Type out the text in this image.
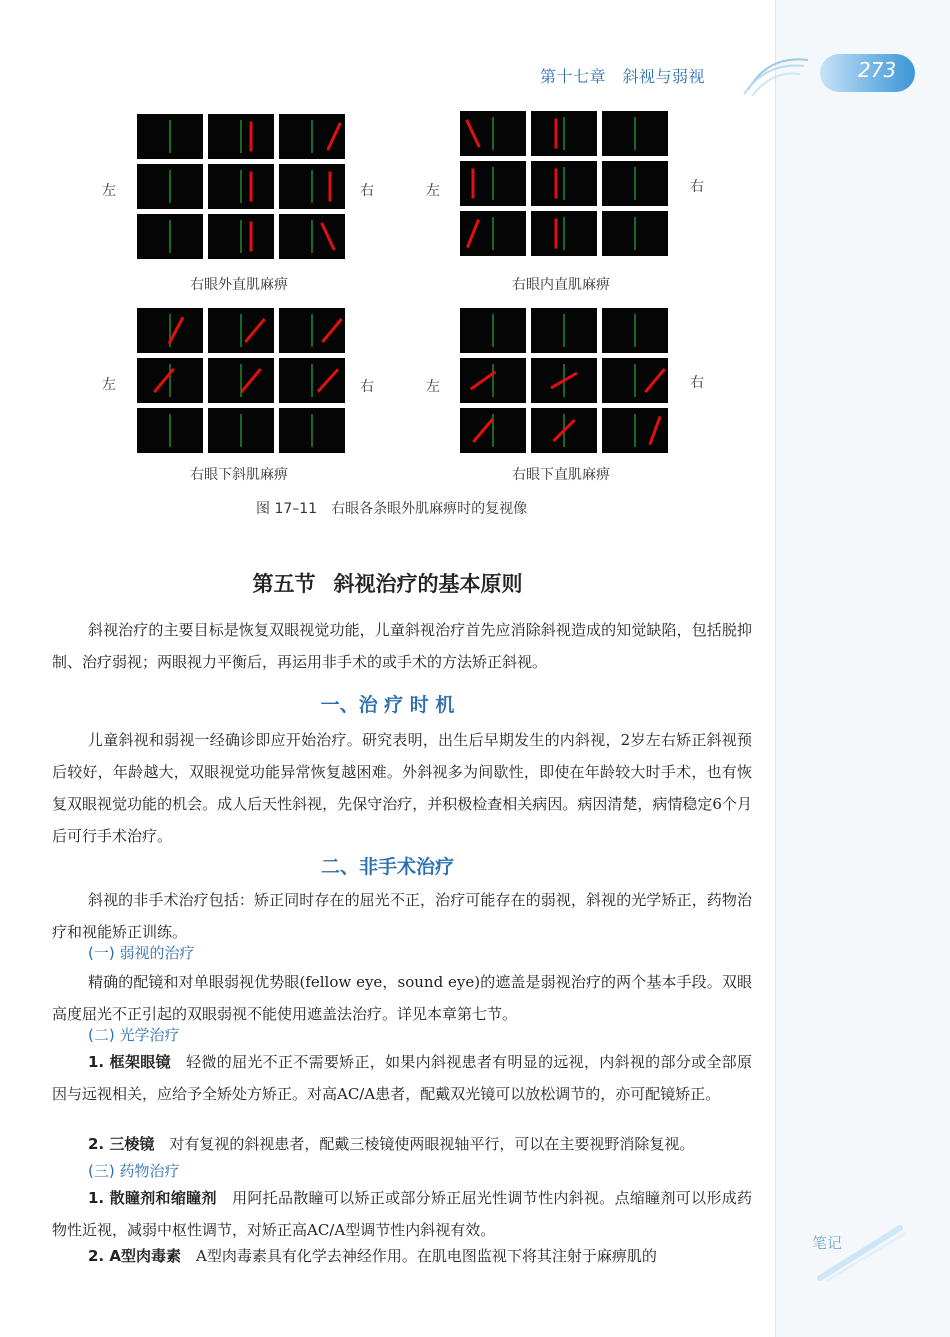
第十七章　斜视与弱视	273
左	右	左	右
左	右	左	右
右眼外直肌麻痹	右眼内直肌麻痹
右眼下斜肌麻痹	右眼下直肌麻痹
图 17–11　右眼各条眼外肌麻痹时的复视像
第五节 斜视治疗的基本原则

斜视治疗的主要目标是恢复双眼视觉功能，儿童斜视治疗首先应消除斜视造成的知觉缺陷，包括脱抑制、治疗弱视；两眼视力平衡后，再运用非手术的或手术的方法矫正斜视。

一、治 疗 时 机

儿童斜视和弱视一经确诊即应开始治疗。研究表明，出生后早期发生的内斜视，2岁左右矫正斜视预后较好，年龄越大，双眼视觉功能异常恢复越困难。外斜视多为间歇性，即使在年龄较大时手术，也有恢复双眼视觉功能的机会。成人后天性斜视，先保守治疗，并积极检查相关病因。病因清楚，病情稳定6个月后可行手术治疗。

二、非手术治疗

斜视的非手术治疗包括：矫正同时存在的屈光不正，治疗可能存在的弱视，斜视的光学矫正，药物治疗和视能矫正训练。

(一) 弱视的治疗

精确的配镜和对单眼弱视优势眼(fellow eye，sound eye)的遮盖是弱视治疗的两个基本手段。双眼高度屈光不正引起的双眼弱视不能使用遮盖法治疗。详见本章第七节。

(二) 光学治疗

1. 框架眼镜　 轻微的屈光不正不需要矫正，如果内斜视患者有明显的远视，内斜视的部分或全部原因与远视相关，应给予全矫处方矫正。对高AC/A患者，配戴双光镜可以放松调节的，亦可配镜矫正。

2. 三棱镜　 对有复视的斜视患者，配戴三棱镜使两眼视轴平行，可以在主要视野消除复视。

(三) 药物治疗

1. 散瞳剂和缩瞳剂　 用阿托品散瞳可以矫正或部分矫正屈光性调节性内斜视。点缩瞳剂可以形成药物性近视，减弱中枢性调节，对矫正高AC/A型调节性内斜视有效。

2. A型肉毒素　 A型肉毒素具有化学去神经作用。在肌电图监视下将其注射于麻痹肌的

笔记
